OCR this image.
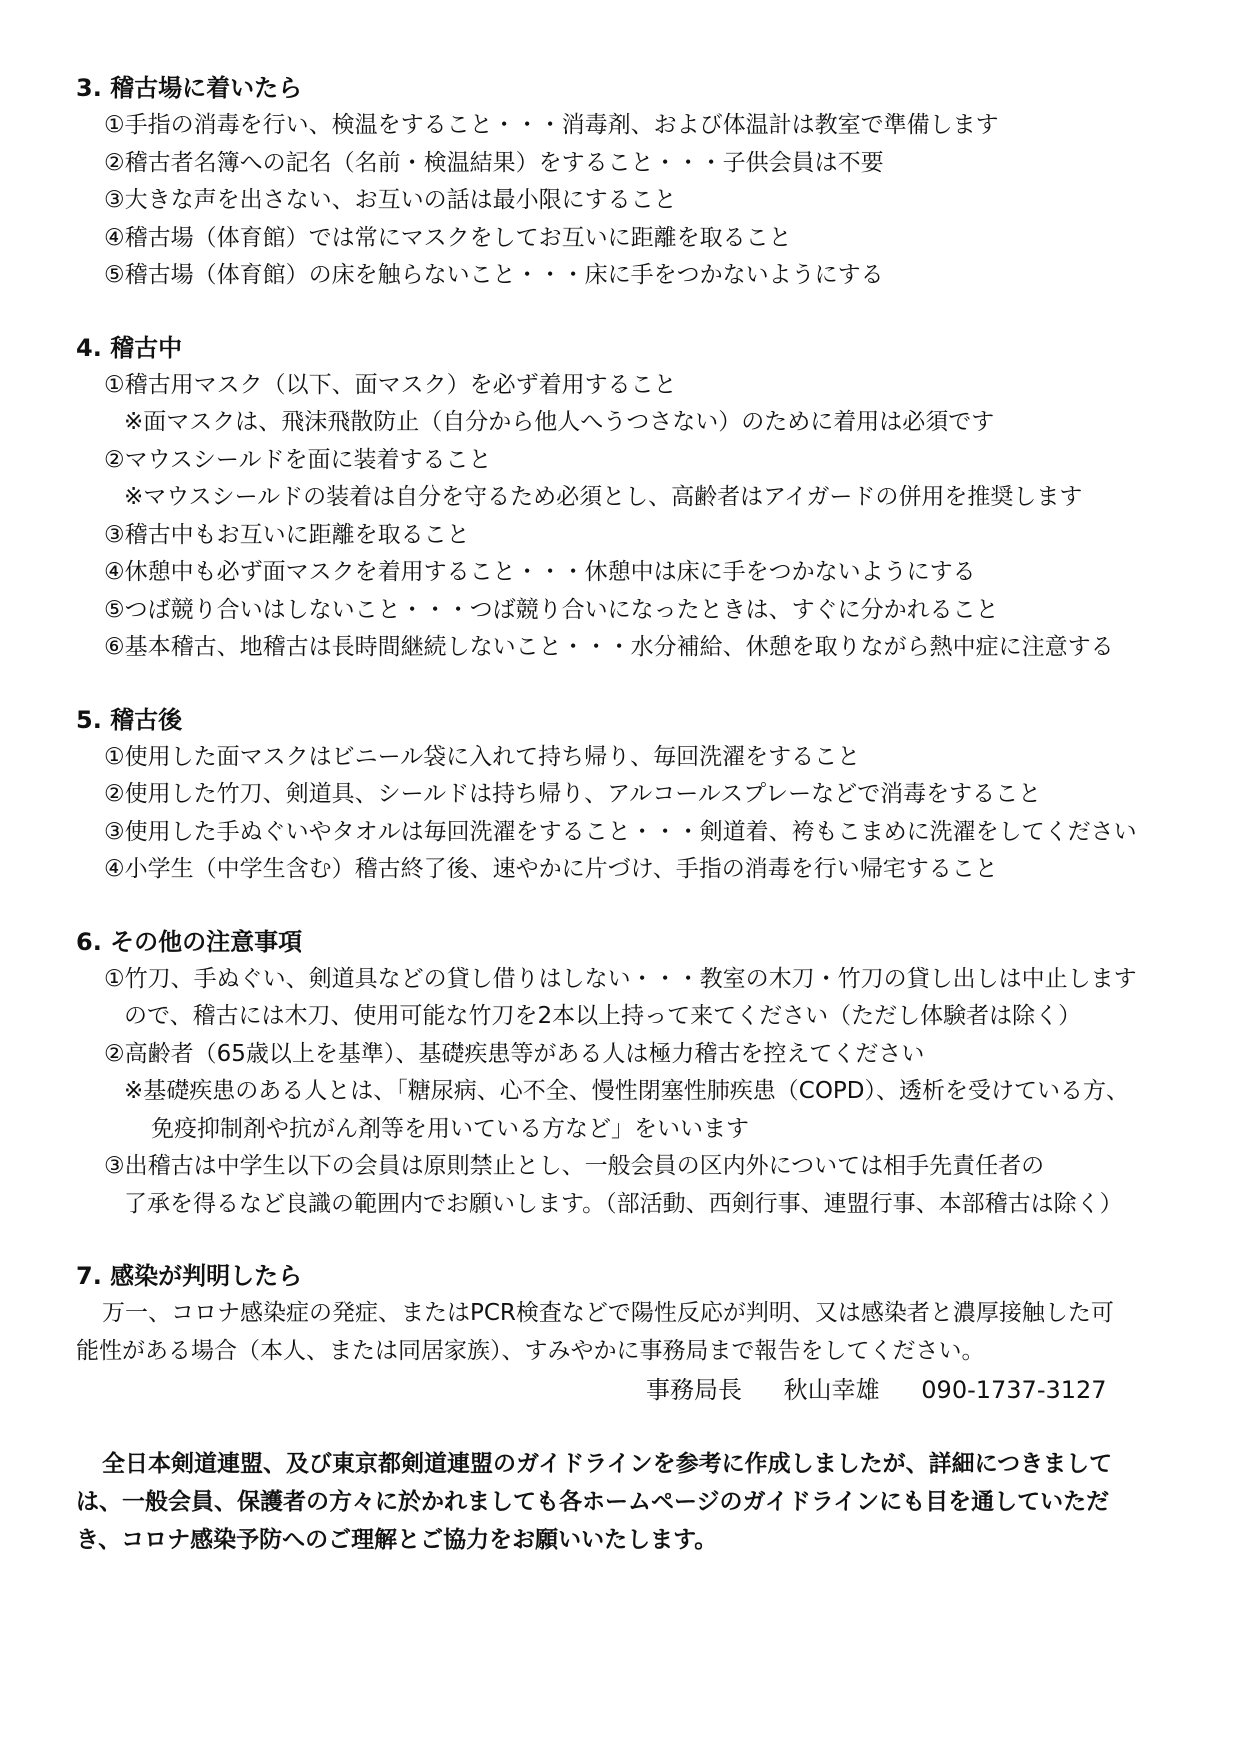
3. 稽古場に着いたら
①手指の消毒を行い、検温をすること・・・消毒剤、および体温計は教室で準備します
②稽古者名簿への記名（名前・検温結果）をすること・・・子供会員は不要
③大きな声を出さない、お互いの話は最小限にすること
④稽古場（体育館）では常にマスクをしてお互いに距離を取ること
⑤稽古場（体育館）の床を触らないこと・・・床に手をつかないようにする
4. 稽古中
①稽古用マスク（以下、面マスク）を必ず着用すること
※面マスクは、飛沫飛散防止（自分から他人へうつさない）のために着用は必須です
②マウスシールドを面に装着すること
※マウスシールドの装着は自分を守るため必須とし、高齢者はアイガードの併用を推奨します
③稽古中もお互いに距離を取ること
④休憩中も必ず面マスクを着用すること・・・休憩中は床に手をつかないようにする
⑤つば競り合いはしないこと・・・つば競り合いになったときは、すぐに分かれること
⑥基本稽古、地稽古は長時間継続しないこと・・・水分補給、休憩を取りながら熱中症に注意する
5. 稽古後
①使用した面マスクはビニール袋に入れて持ち帰り、毎回洗濯をすること
②使用した竹刀、剣道具、シールドは持ち帰り、アルコールスプレーなどで消毒をすること
③使用した手ぬぐいやタオルは毎回洗濯をすること・・・剣道着、袴もこまめに洗濯をしてください
④小学生（中学生含む）稽古終了後、速やかに片づけ、手指の消毒を行い帰宅すること
6. その他の注意事項
①竹刀、手ぬぐい、剣道具などの貸し借りはしない・・・教室の木刀・竹刀の貸し出しは中止します
ので、稽古には木刀、使用可能な竹刀を2本以上持って来てください（ただし体験者は除く）
②高齢者（65歳以上を基準）、基礎疾患等がある人は極力稽古を控えてください
※基礎疾患のある人とは、「糖尿病、心不全、慢性閉塞性肺疾患（COPD）、透析を受けている方、
免疫抑制剤や抗がん剤等を用いている方など」をいいます
③出稽古は中学生以下の会員は原則禁止とし、一般会員の区内外については相手先責任者の
了承を得るなど良識の範囲内でお願いします。（部活動、西剣行事、連盟行事、本部稽古は除く）
7. 感染が判明したら
万一、コロナ感染症の発症、またはPCR検査などで陽性反応が判明、又は感染者と濃厚接触した可
能性がある場合（本人、または同居家族）、すみやかに事務局まで報告をしてください。
事務局長 秋山幸雄 090-1737-3127
全日本剣道連盟、及び東京都剣道連盟のガイドラインを参考に作成しましたが、詳細につきまして
は、一般会員、保護者の方々に於かれましても各ホームページのガイドラインにも目を通していただ
き、コロナ感染予防へのご理解とご協力をお願いいたします。
